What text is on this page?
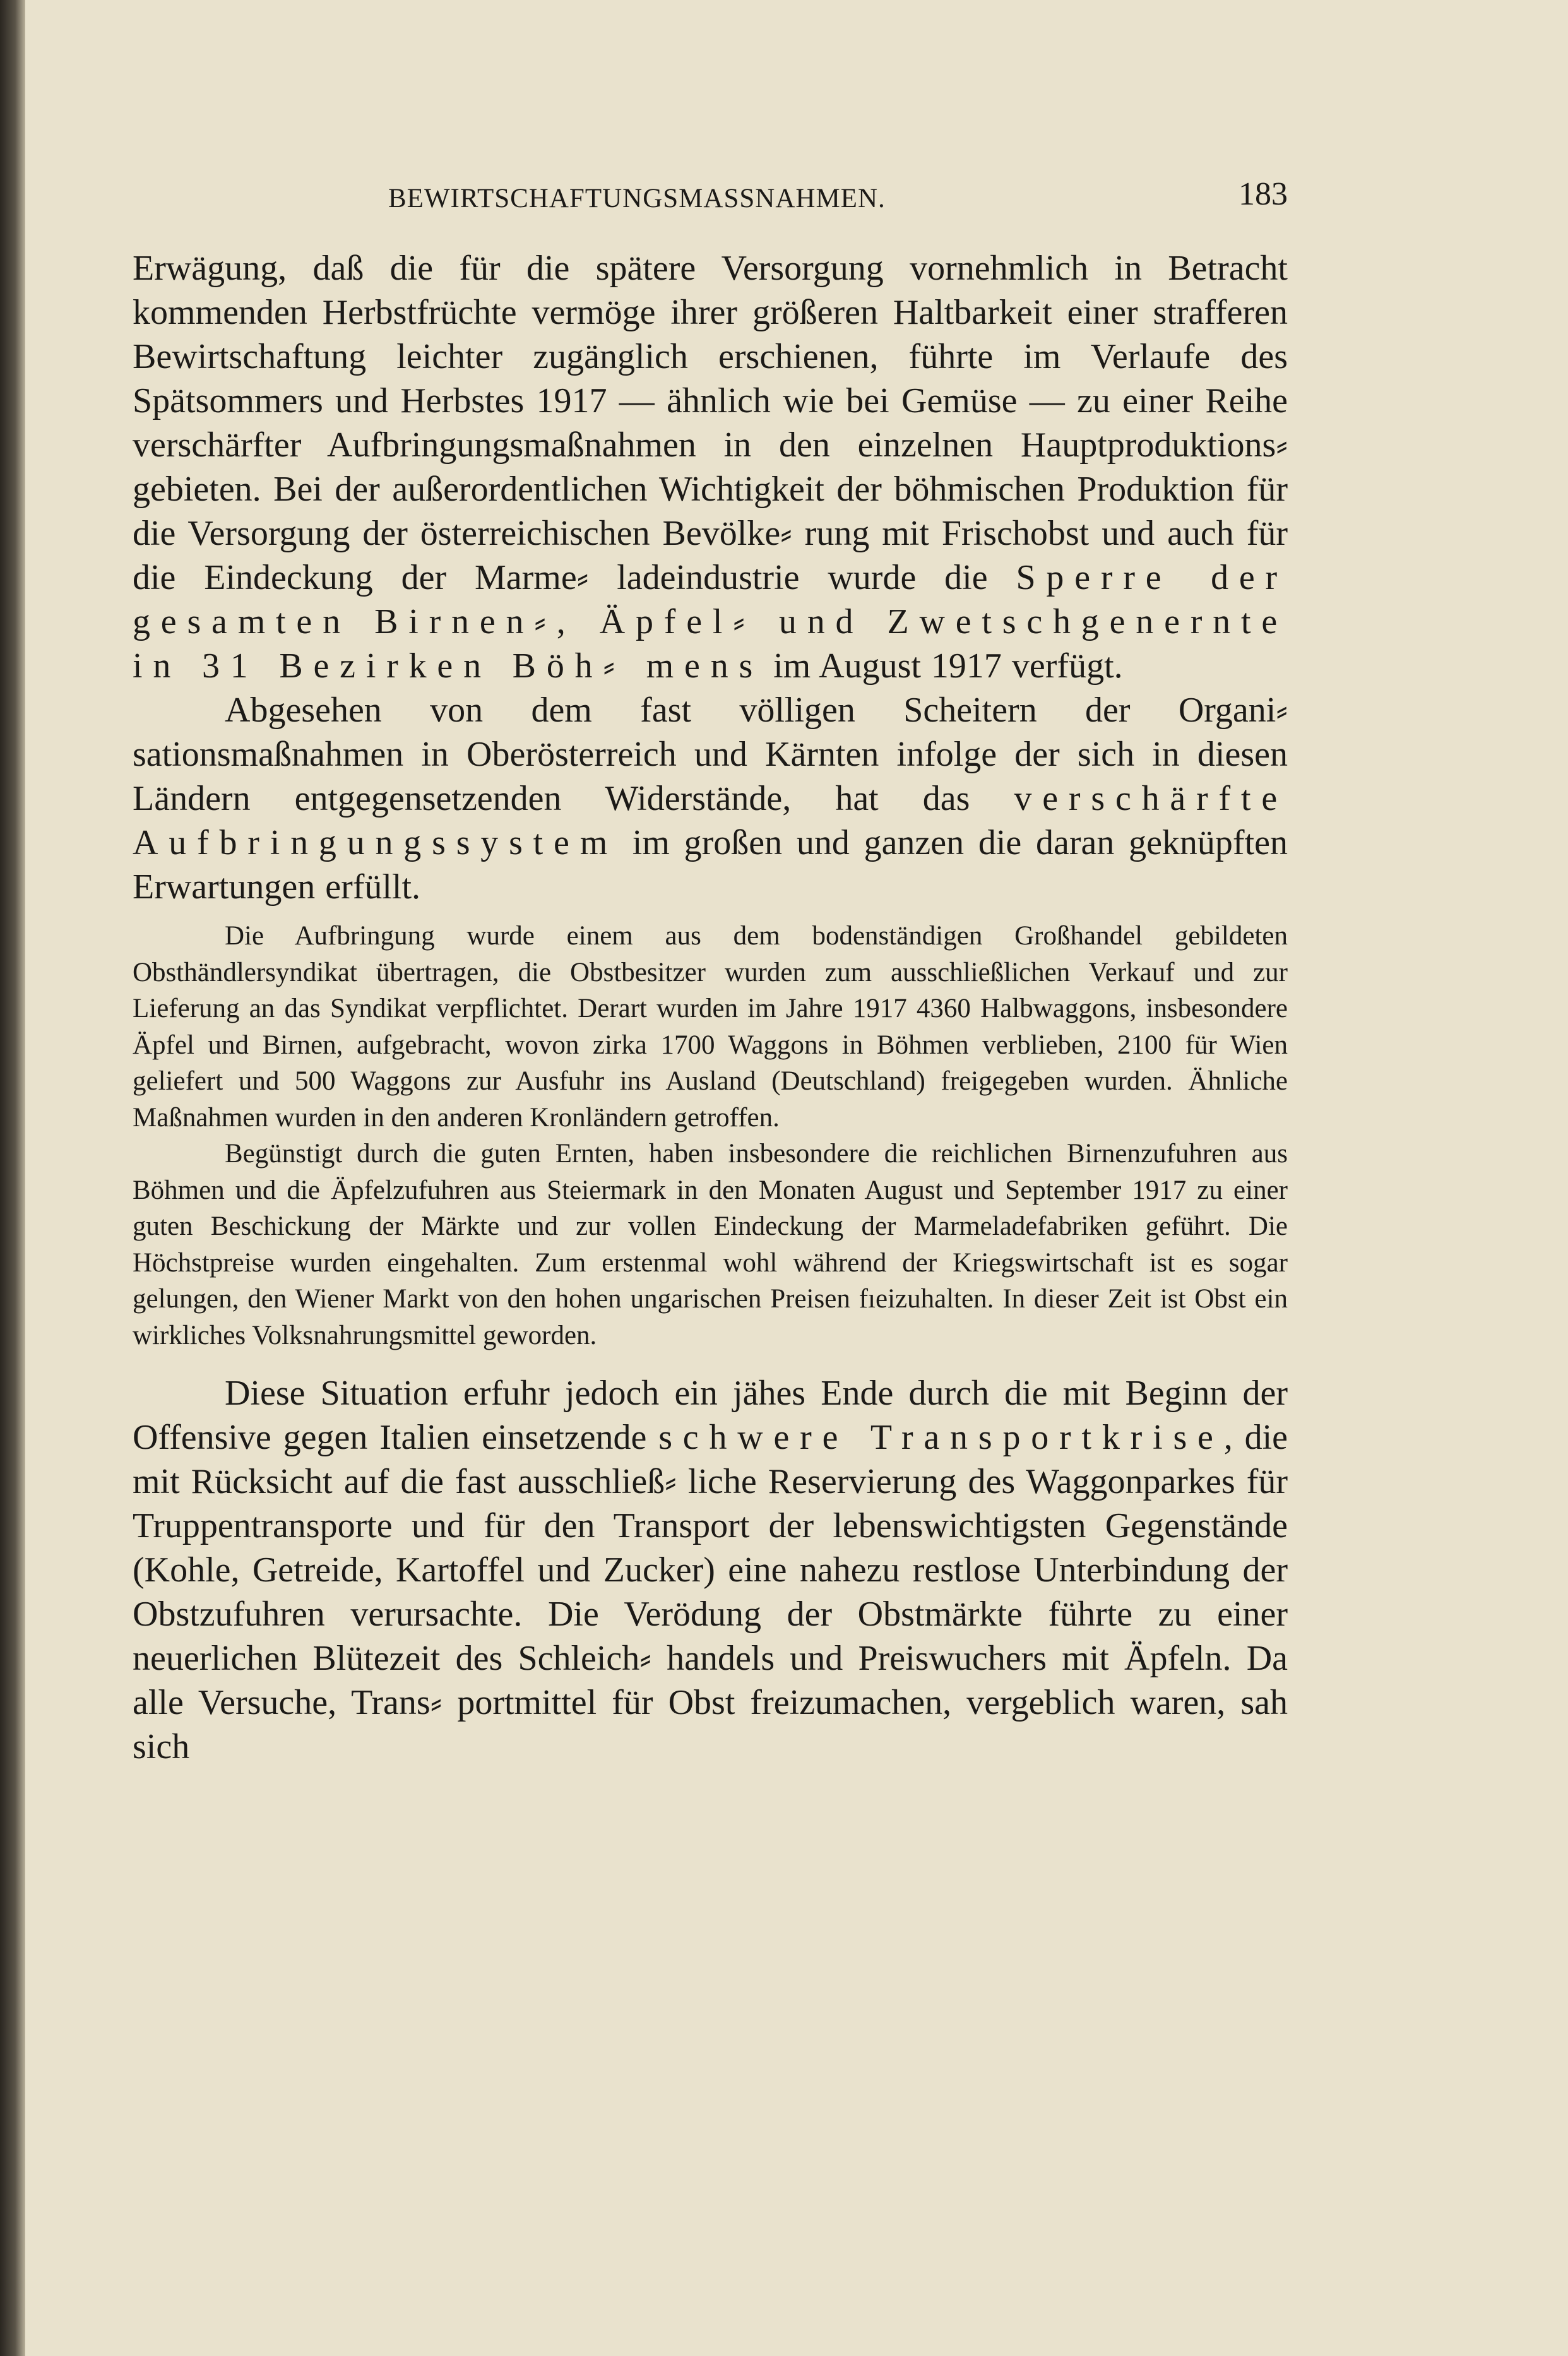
BEWIRTSCHAFTUNGSMASSNAHMEN.	183

Erwägung, daß die für die spätere Versorgung vornehmlich in Betracht kommenden Herbstfrüchte vermöge ihrer größeren Haltbarkeit einer strafferen Bewirtschaftung leichter zugänglich erschienen, führte im Verlaufe des Spätsommers und Herbstes 1917 — ähnlich wie bei Gemüse — zu einer Reihe verschärfter Aufbringungsmaßnahmen in den einzelnen Hauptproduktions⸗ gebieten. Bei der außerordentlichen Wichtigkeit der böhmischen Produktion für die Versorgung der österreichischen Bevölke⸗ rung mit Frischobst und auch für die Eindeckung der Marme⸗ ladeindustrie wurde die Sperre der gesamten Birnen⸗, Äpfel⸗ und Zwetschgenernte in 31 Bezirken Böh⸗ mens im August 1917 verfügt.

Abgesehen von dem fast völligen Scheitern der Organi⸗ sationsmaßnahmen in Oberösterreich und Kärnten infolge der sich in diesen Ländern entgegensetzenden Widerstände, hat das verschärfte Aufbringungssystem im großen und ganzen die daran geknüpften Erwartungen erfüllt.

Die Aufbringung wurde einem aus dem bodenständigen Großhandel gebildeten Obsthändlersyndikat übertragen, die Obstbesitzer wurden zum ausschließlichen Verkauf und zur Lieferung an das Syndikat verpflichtet. Derart wurden im Jahre 1917 4360 Halbwaggons, insbesondere Äpfel und Birnen, aufgebracht, wovon zirka 1700 Waggons in Böhmen verblieben, 2100 für Wien geliefert und 500 Waggons zur Ausfuhr ins Ausland (Deutschland) freigegeben wurden. Ähnliche Maßnahmen wurden in den anderen Kronländern getroffen.

Begünstigt durch die guten Ernten, haben insbesondere die reichlichen Birnenzufuhren aus Böhmen und die Äpfelzufuhren aus Steiermark in den Monaten August und September 1917 zu einer guten Beschickung der Märkte und zur vollen Eindeckung der Marmeladefabriken geführt. Die Höchstpreise wurden eingehalten. Zum erstenmal wohl während der Kriegswirtschaft ist es sogar gelungen, den Wiener Markt von den hohen ungarischen Preisen fıeizuhalten. In dieser Zeit ist Obst ein wirkliches Volksnahrungsmittel geworden.

Diese Situation erfuhr jedoch ein jähes Ende durch die mit Beginn der Offensive gegen Italien einsetzende schwere Transportkrise, die mit Rücksicht auf die fast ausschließ⸗ liche Reservierung des Waggonparkes für Truppentransporte und für den Transport der lebenswichtigsten Gegenstände (Kohle, Getreide, Kartoffel und Zucker) eine nahezu restlose Unterbindung der Obstzufuhren verursachte. Die Verödung der Obstmärkte führte zu einer neuerlichen Blütezeit des Schleich⸗ handels und Preiswuchers mit Äpfeln. Da alle Versuche, Trans⸗ portmittel für Obst freizumachen, vergeblich waren, sah sich
